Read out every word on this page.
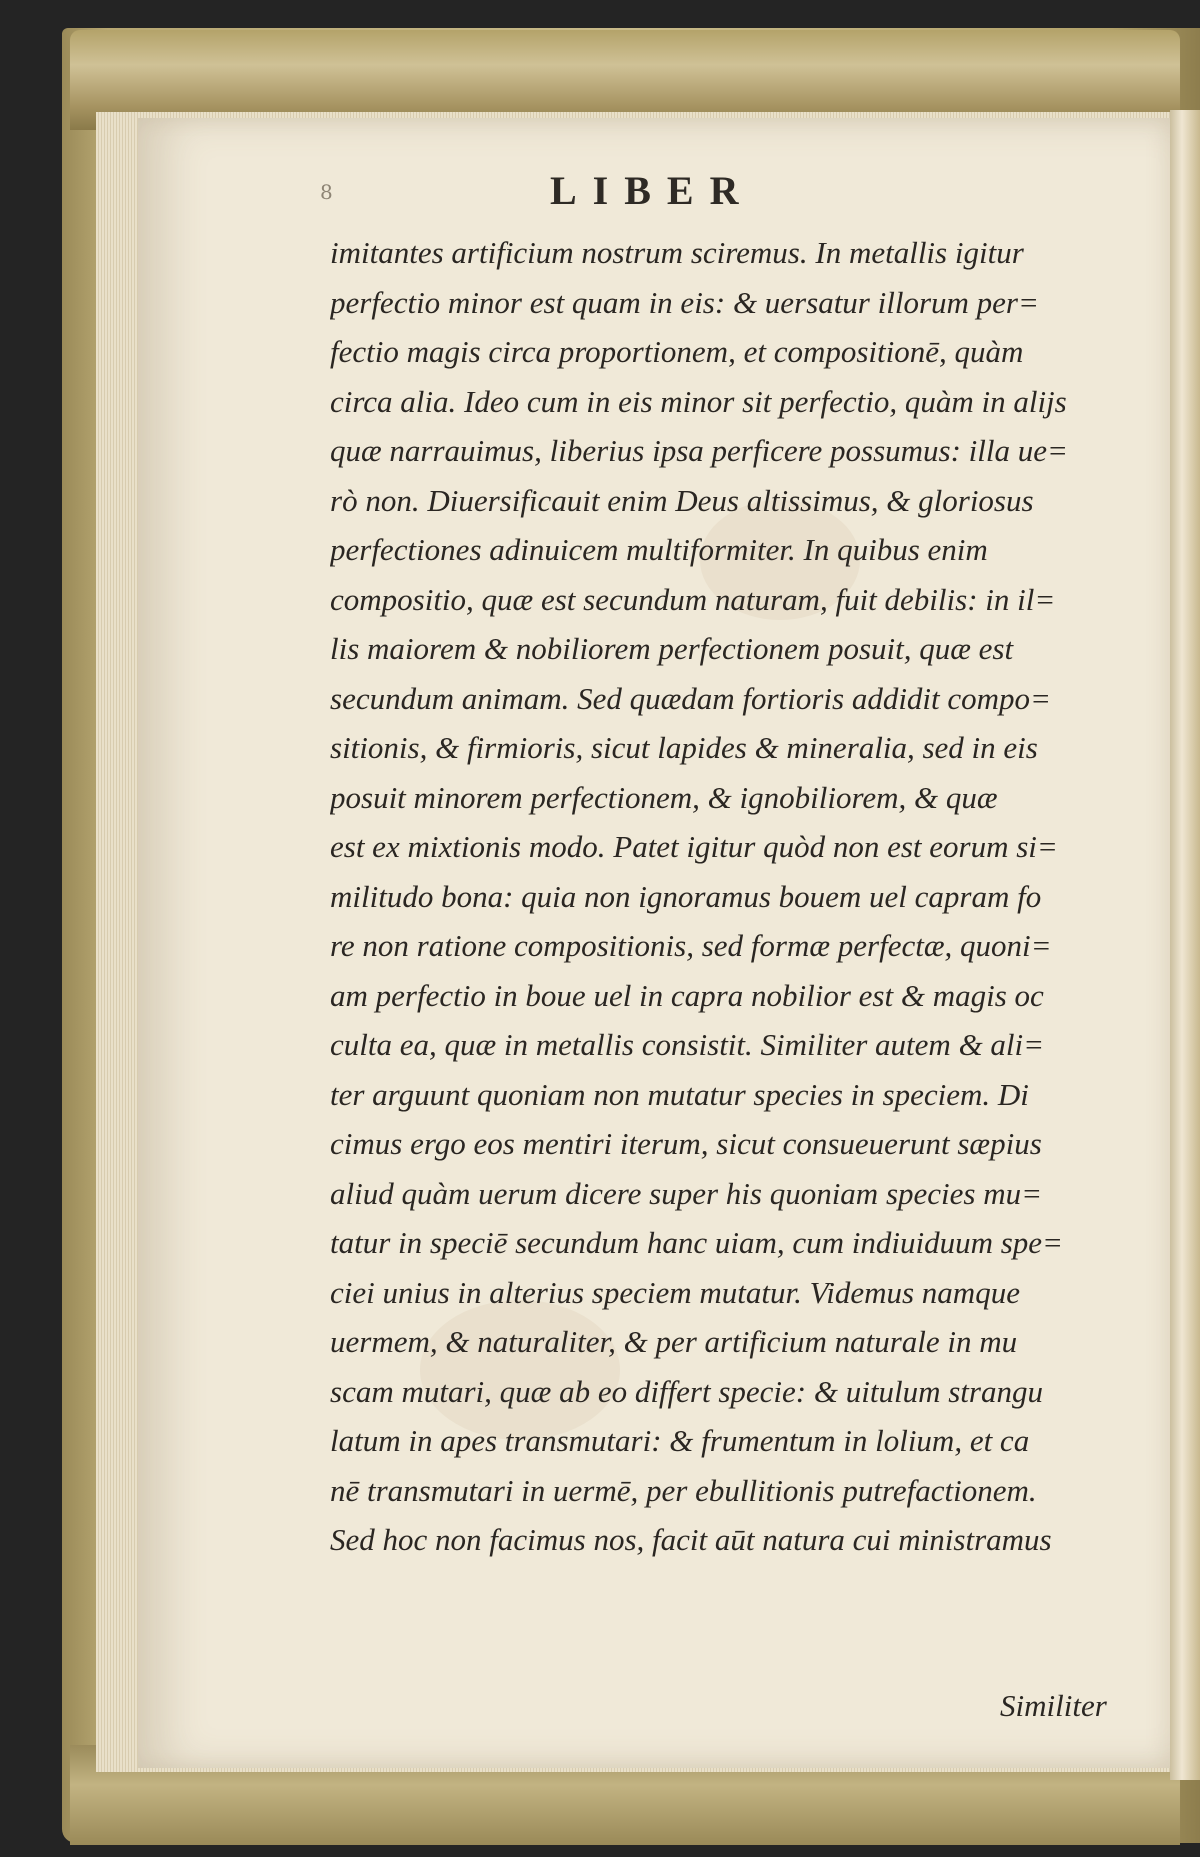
8	LIBER
imitantes artificium nostrum sciremus. In metallis igitur
perfectio minor est quam in eis: & uersatur illorum per=
fectio magis circa proportionem, et compositionē, quàm
circa alia. Ideo cum in eis minor sit perfectio, quàm in alijs
quæ narrauimus, liberius ipsa perficere possumus: illa ue=
rò non. Diuersificauit enim Deus altissimus, & gloriosus
perfectiones adinuicem multiformiter. In quibus enim
compositio, quæ est secundum naturam, fuit debilis: in il=
lis maiorem & nobiliorem perfectionem posuit, quæ est
secundum animam. Sed quædam fortioris addidit compo=
sitionis, & firmioris, sicut lapides & mineralia, sed in eis
posuit minorem perfectionem, & ignobiliorem, & quæ
est ex mixtionis modo. Patet igitur quòd non est eorum si=
militudo bona: quia non ignoramus bouem uel capram fo
re non ratione compositionis, sed formæ perfectæ, quoni=
am perfectio in boue uel in capra nobilior est & magis oc
culta ea, quæ in metallis consistit. Similiter autem & ali=
ter arguunt quoniam non mutatur species in speciem. Di
cimus ergo eos mentiri iterum, sicut consueuerunt sæpius
aliud quàm uerum dicere super his quoniam species mu=
tatur in speciē secundum hanc uiam, cum indiuiduum spe=
ciei unius in alterius speciem mutatur. Videmus namque
uermem, & naturaliter, & per artificium naturale in mu
scam mutari, quæ ab eo differt specie: & uitulum strangu
latum in apes transmutari: & frumentum in lolium, et ca
nē transmutari in uermē, per ebullitionis putrefactionem.
Sed hoc non facimus nos, facit aūt natura cui ministramus
Similiter
